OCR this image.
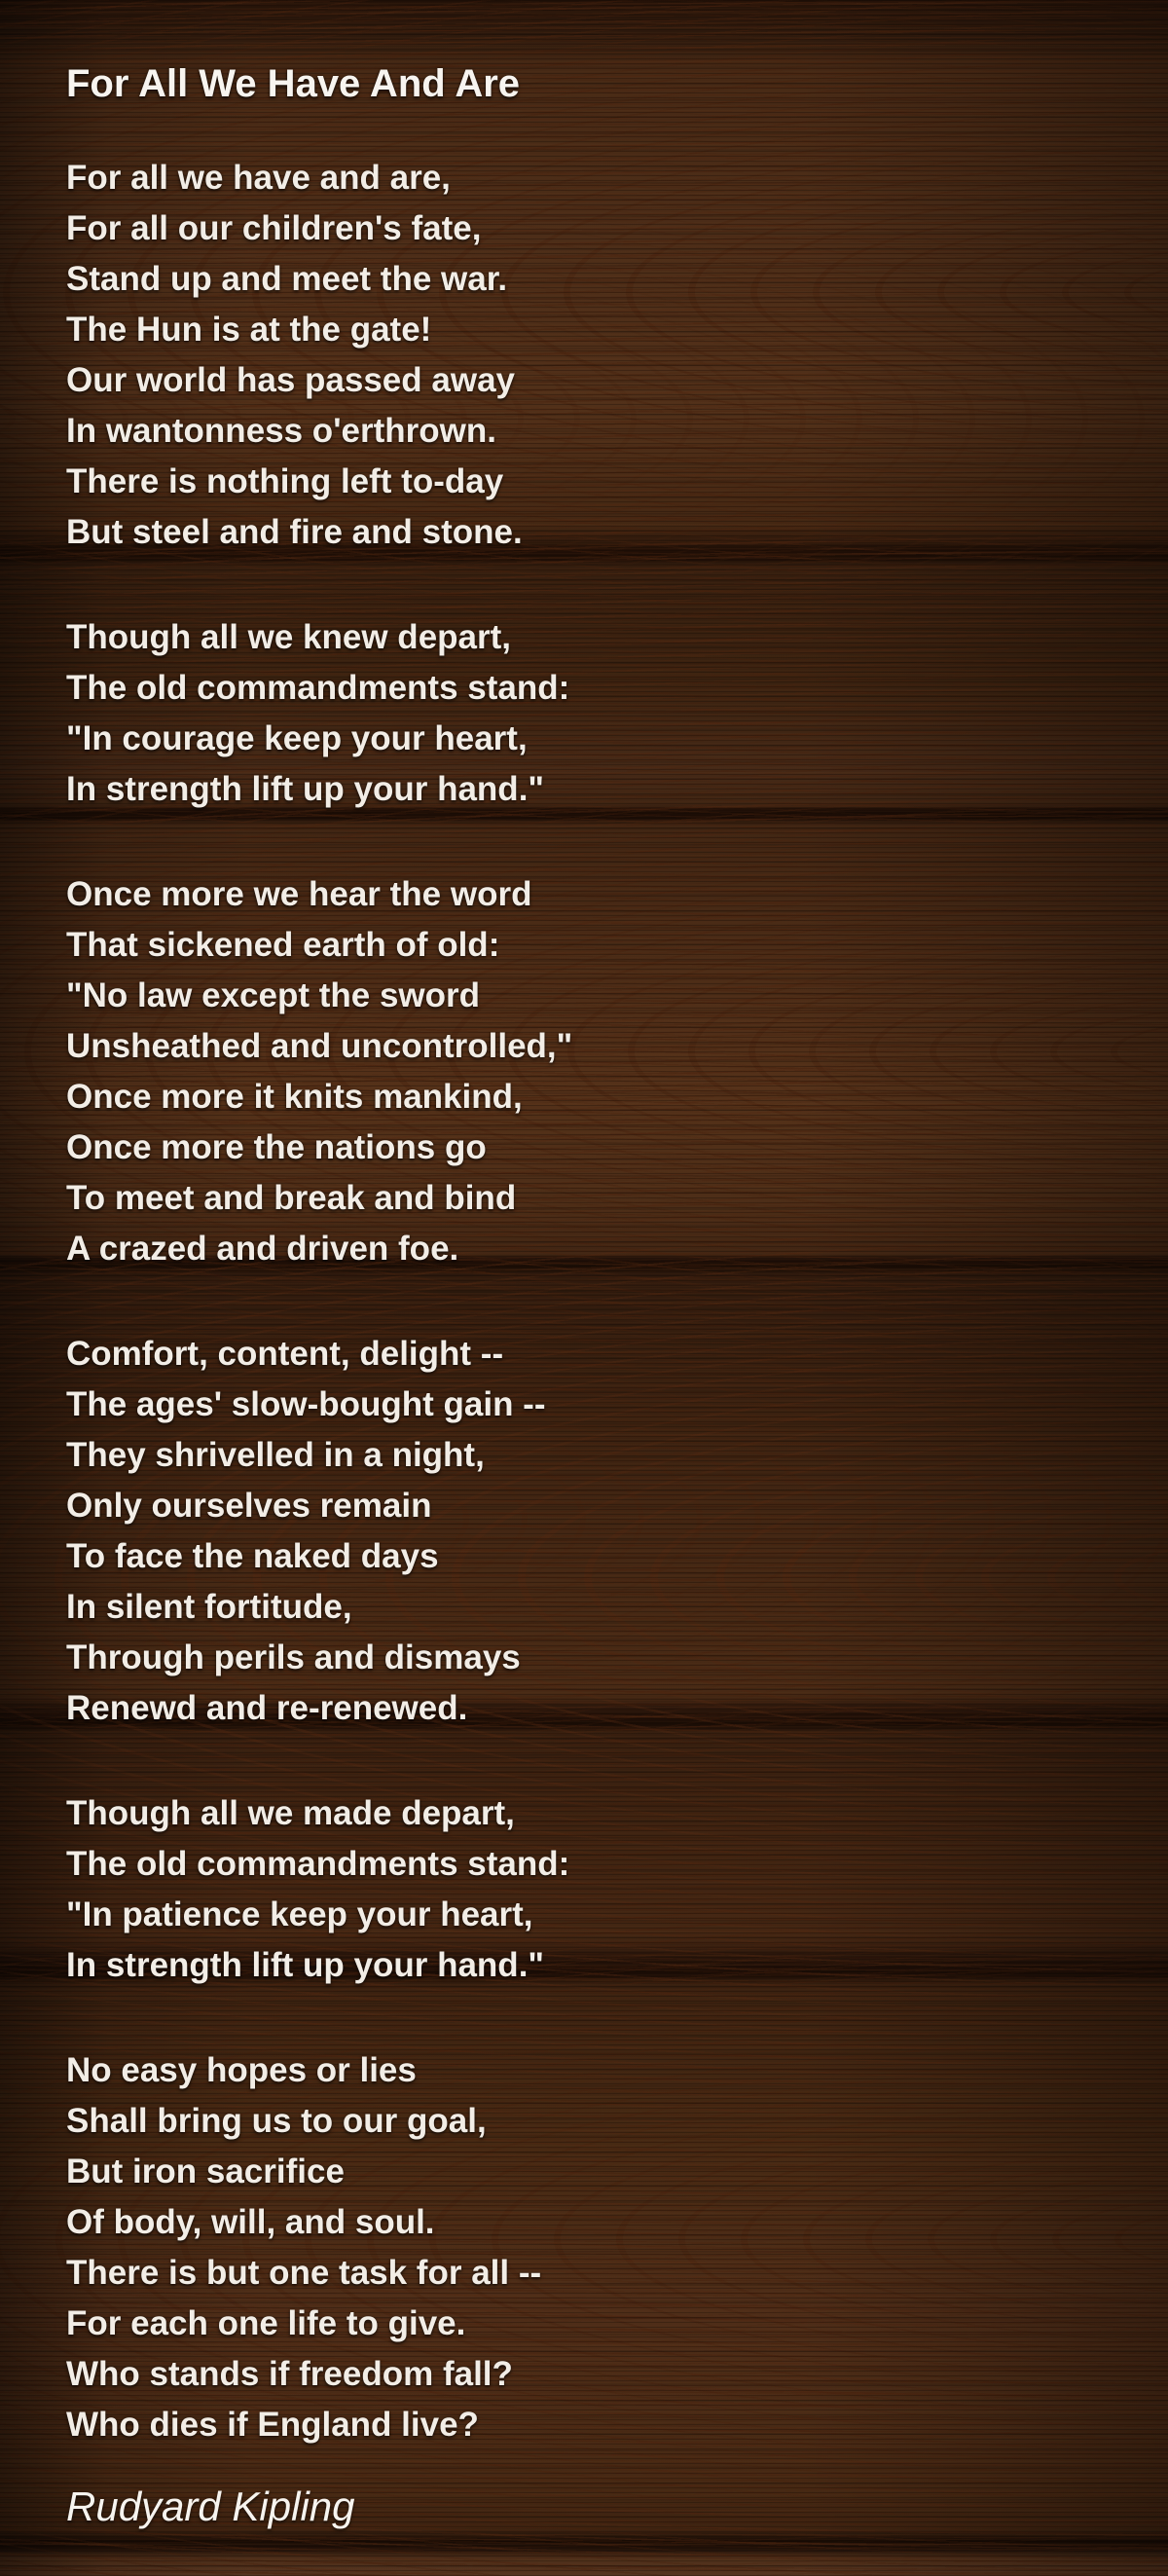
For All We Have And Are
For all we have and are,
For all our children's fate,
Stand up and meet the war.
The Hun is at the gate!
Our world has passed away
In wantonness o'erthrown.
There is nothing left to-day
But steel and fire and stone.
Though all we knew depart,
The old commandments stand:
"In courage keep your heart,
In strength lift up your hand."
Once more we hear the word
That sickened earth of old:
"No law except the sword
Unsheathed and uncontrolled,"
Once more it knits mankind,
Once more the nations go
To meet and break and bind
A crazed and driven foe.
Comfort, content, delight --
The ages' slow-bought gain --
They shrivelled in a night,
Only ourselves remain
To face the naked days
In silent fortitude,
Through perils and dismays
Renewd and re-renewed.
Though all we made depart,
The old commandments stand:
"In patience keep your heart,
In strength lift up your hand."
No easy hopes or lies
Shall bring us to our goal,
But iron sacrifice
Of body, will, and soul.
There is but one task for all --
For each one life to give.
Who stands if freedom fall?
Who dies if England live?
Rudyard Kipling
